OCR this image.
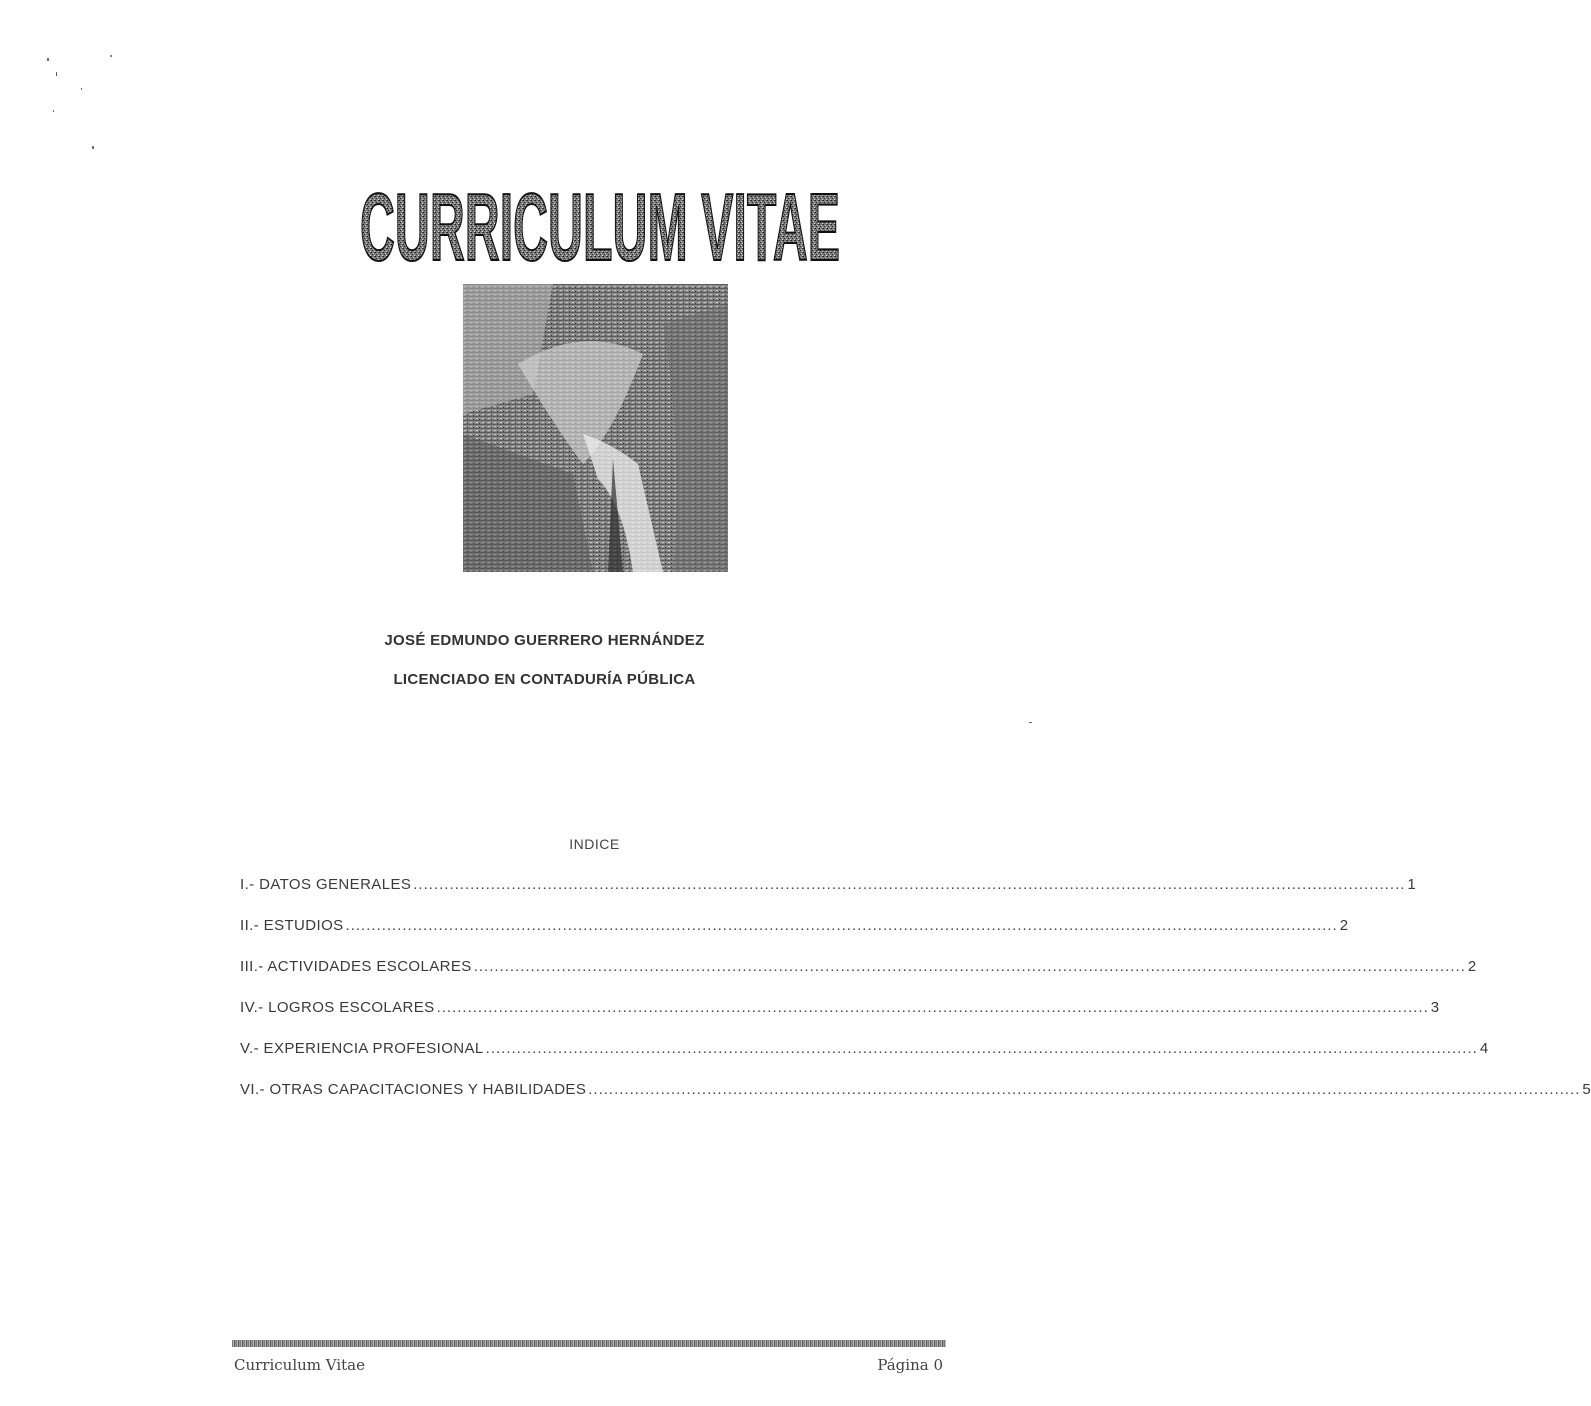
CURRICULUM VITAE
JOSÉ EDMUNDO GUERRERO HERNÁNDEZ
LICENCIADO EN CONTADURÍA PÚBLICA
INDICE
I.- DATOS GENERALES .....	1
II.- ESTUDIOS .....	2
III.- ACTIVIDADES ESCOLARES .....	2
IV.- LOGROS ESCOLARES .....	3
V.- EXPERIENCIA PROFESIONAL .....	4
VI.- OTRAS CAPACITACIONES Y HABILIDADES .....	5
Curriculum Vitae	Página 0
